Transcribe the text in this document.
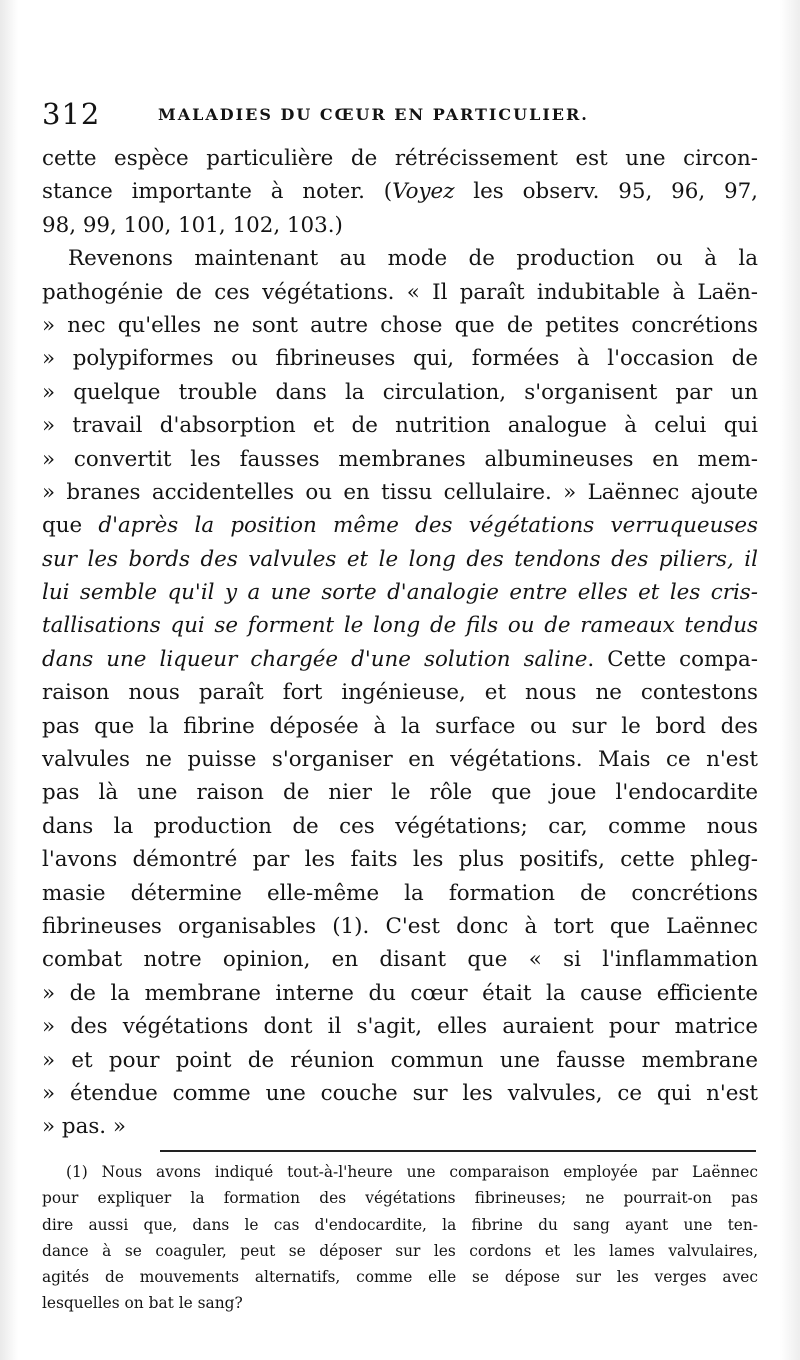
312	MALADIES DU CŒUR EN PARTICULIER.
cette espèce particulière de rétrécissement est une circon-
stance importante à noter. (Voyez les observ. 95, 96, 97,
98, 99, 100, 101, 102, 103.)
Revenons maintenant au mode de production ou à la
pathogénie de ces végétations. « Il paraît indubitable à Laën-
» nec qu'elles ne sont autre chose que de petites concrétions
» polypiformes ou fibrineuses qui, formées à l'occasion de
» quelque trouble dans la circulation, s'organisent par un
» travail d'absorption et de nutrition analogue à celui qui
» convertit les fausses membranes albumineuses en mem-
» branes accidentelles ou en tissu cellulaire. » Laënnec ajoute
que d'après la position même des végétations verruqueuses
sur les bords des valvules et le long des tendons des piliers, il
lui semble qu'il y a une sorte d'analogie entre elles et les cris-
tallisations qui se forment le long de fils ou de rameaux tendus
dans une liqueur chargée d'une solution saline. Cette compa-
raison nous paraît fort ingénieuse, et nous ne contestons
pas que la fibrine déposée à la surface ou sur le bord des
valvules ne puisse s'organiser en végétations. Mais ce n'est
pas là une raison de nier le rôle que joue l'endocardite
dans la production de ces végétations; car, comme nous
l'avons démontré par les faits les plus positifs, cette phleg-
masie détermine elle-même la formation de concrétions
fibrineuses organisables (1). C'est donc à tort que Laënnec
combat notre opinion, en disant que « si l'inflammation
» de la membrane interne du cœur était la cause efficiente
» des végétations dont il s'agit, elles auraient pour matrice
» et pour point de réunion commun une fausse membrane
» étendue comme une couche sur les valvules, ce qui n'est
» pas. »
(1) Nous avons indiqué tout-à-l'heure une comparaison employée par Laënnec
pour expliquer la formation des végétations fibrineuses; ne pourrait-on pas
dire aussi que, dans le cas d'endocardite, la fibrine du sang ayant une ten-
dance à se coaguler, peut se déposer sur les cordons et les lames valvulaires,
agités de mouvements alternatifs, comme elle se dépose sur les verges avec
lesquelles on bat le sang?
